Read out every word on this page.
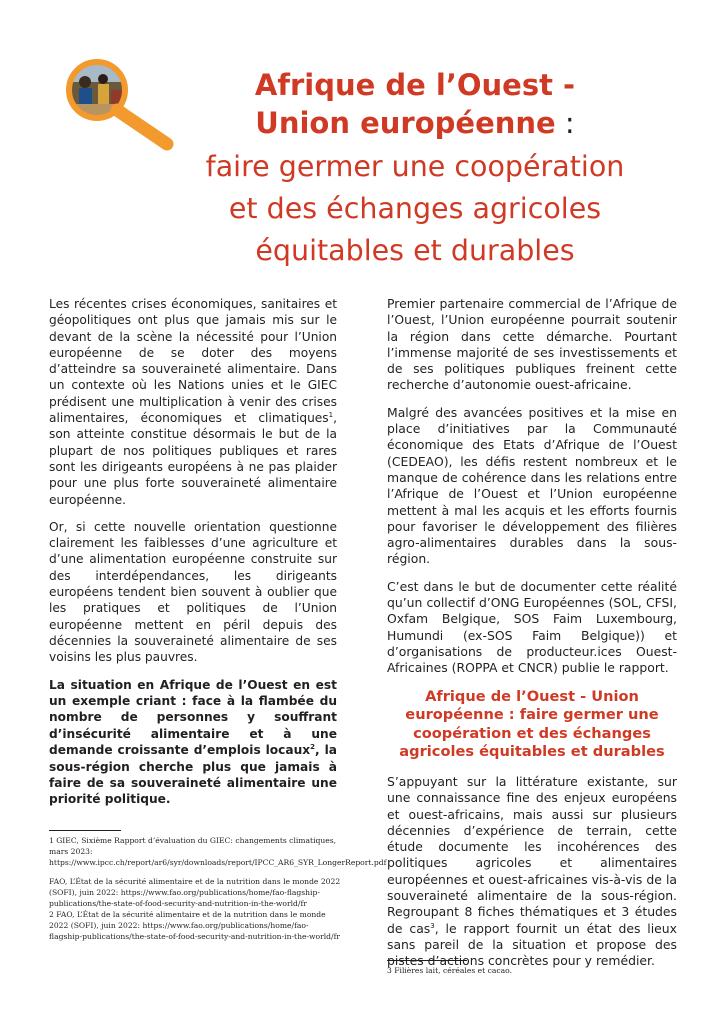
Afrique de l’Ouest -
Union européenne :
faire germer une coopération
et des échanges agricoles
équitables et durables

Les récentes crises économiques, sanitaires et géopolitiques ont plus que jamais mis sur le devant de la scène la nécessité pour l’Union européenne de se doter des moyens d’atteindre sa souveraineté alimentaire. Dans un contexte où les Nations unies et le GIEC prédisent une multiplication à venir des crises alimentaires, économiques et climatiques$^1$, son atteinte constitue désormais le but de la plupart de nos politiques publiques et rares sont les dirigeants européens à ne pas plaider pour une plus forte souveraineté alimentaire européenne.

Or, si cette nouvelle orientation questionne clairement les faiblesses d’une agriculture et d’une alimentation européenne construite sur des interdépendances, les dirigeants européens tendent bien souvent à oublier que les pratiques et politiques de l’Union européenne mettent en péril depuis des décennies la souveraineté alimentaire de ses voisins les plus pauvres.

La situation en Afrique de l’Ouest en est un exemple criant : face à la flambée du nombre de personnes y souffrant d’insécurité alimentaire et à une demande croissante d’emplois locaux$^2$, la sous-région cherche plus que jamais à faire de sa souveraineté alimentaire une priorité politique.

Premier partenaire commercial de l’Afrique de l’Ouest, l’Union européenne pourrait soutenir la région dans cette démarche. Pourtant l’immense majorité de ses investissements et de ses politiques publiques freinent cette recherche d’autonomie ouest-africaine.

Malgré des avancées positives et la mise en place d’initiatives par la Communauté économique des Etats d’Afrique de l’Ouest (CEDEAO), les défis restent nombreux et le manque de cohérence dans les relations entre l’Afrique de l’Ouest et l’Union européenne mettent à mal les acquis et les efforts fournis pour favoriser le développement des filières agro-alimentaires durables dans la sous-région.

C’est dans le but de documenter cette réalité qu’un collectif d’ONG Européennes (SOL, CFSI, Oxfam Belgique, SOS Faim Luxembourg, Humundi (ex-SOS Faim Belgique)) et d’organisations de producteur.ices Ouest-Africaines (ROPPA et CNCR) publie le rapport.

Afrique de l’Ouest - Union européenne : faire germer une coopération et des échanges agricoles équitables et durables

S’appuyant sur la littérature existante, sur une connaissance fine des enjeux européens et ouest-africains, mais aussi sur plusieurs décennies d’expérience de terrain, cette étude documente les incohérences des politiques agricoles et alimentaires européennes et ouest-africaines vis-à-vis de la souveraineté alimentaire de la sous-région. Regroupant 8 fiches thématiques et 3 études de cas$^3$, le rapport fournit un état des lieux sans pareil de la situation et propose des pistes d’actions concrètes pour y remédier.

1 GIEC, Sixième Rapport d’évaluation du GIEC: changements climatiques, mars 2023: https://www.ipcc.ch/report/ar6/syr/downloads/report/IPCC_AR6_SYR_LongerReport.pdf
FAO, L’État de la sécurité alimentaire et de la nutrition dans le monde 2022 (SOFI), juin 2022: https://www.fao.org/publications/home/fao-flagship-publications/the-state-of-food-security-and-nutrition-in-the-world/fr
2 FAO, L’État de la sécurité alimentaire et de la nutrition dans le monde 2022 (SOFI), juin 2022: https://www.fao.org/publications/home/fao-flagship-publications/the-state-of-food-security-and-nutrition-in-the-world/fr
3 Filières lait, céréales et cacao.
